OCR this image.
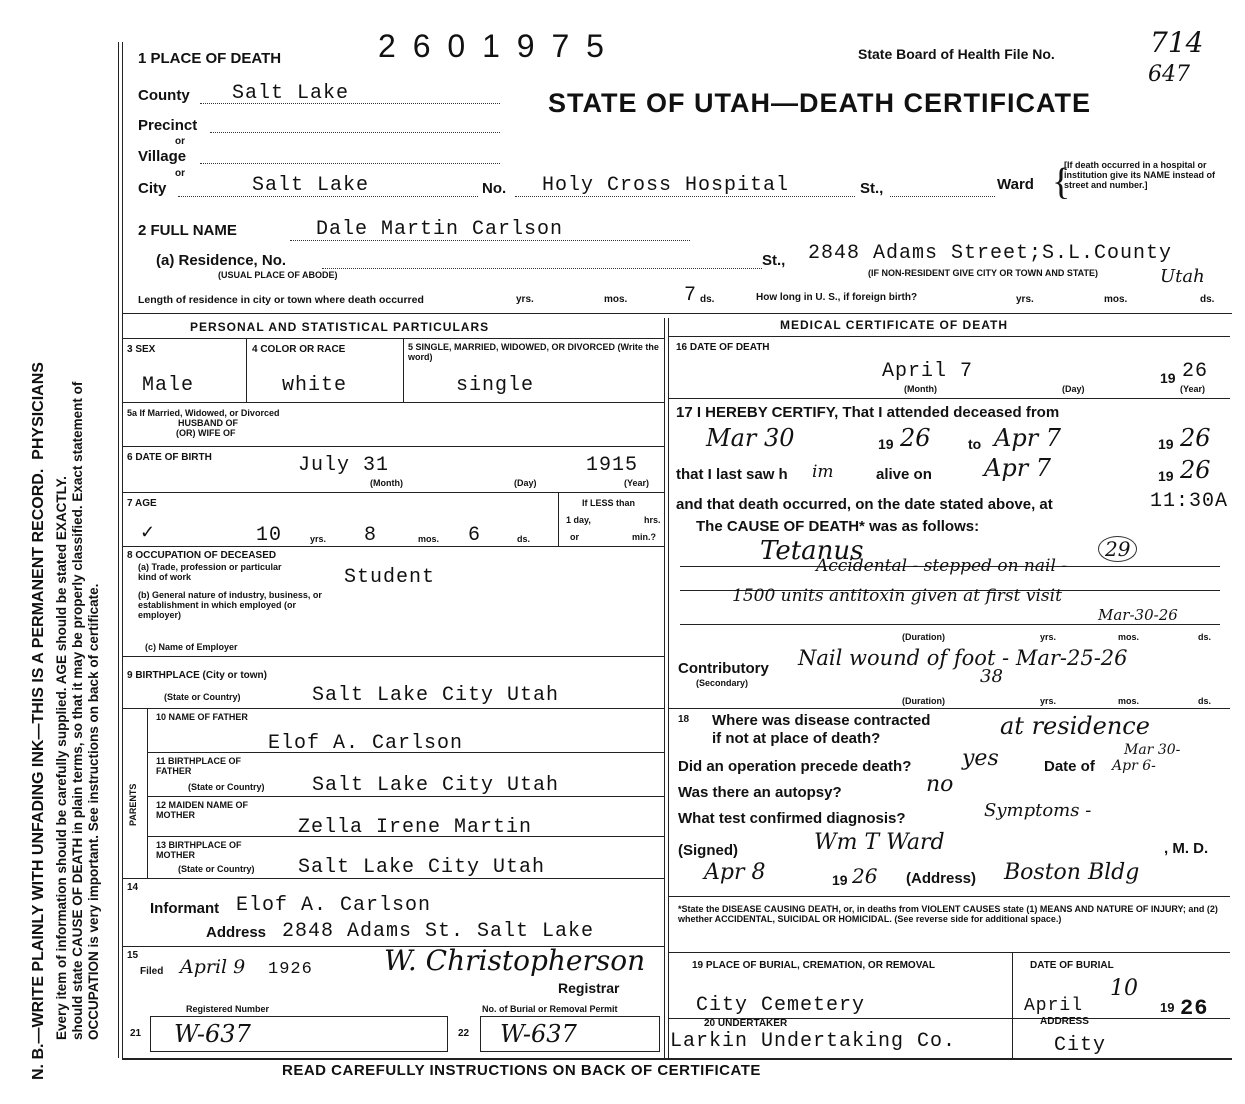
N. B.—WRITE PLAINLY WITH UNFADING INK—THIS IS A PERMANENT RECORD.  PHYSICIANS
Every item of information should be carefully supplied. AGE should be stated EXACTLY. should state CAUSE OF DEATH in plain terms, so that it may be properly classified. Exact statement of OCCUPATION is very important. See instructions on back of certificate.
1 PLACE OF DEATH	2 6 0 1 9 7 5	State Board of Health File No.	714
647
STATE OF UTAH—DEATH CERTIFICATE
County Salt Lake
Precinct
or
Village
or
City	Salt Lake	No. Holy Cross Hospital	St.,	Ward {
[If death occurred in a hospital or institution give its NAME instead of street and number.]
2 FULL NAME	Dale Martin Carlson
(a) Residence, No.
(USUAL PLACE OF ABODE)
St., 2848 Adams Street;S.L.County
(IF NON-RESIDENT GIVE CITY OR TOWN AND STATE)	Utah
Length of residence in city or town where death occurred	yrs.	mos.	7 ds.	How long in U. S., if foreign birth?	yrs.	mos.	ds.
PERSONAL AND STATISTICAL PARTICULARS
3 SEX
Male
4 COLOR OR RACE
white
5 SINGLE, MARRIED, WIDOWED, OR DIVORCED (Write the word)
single
5a If Married, Widowed, or Divorced
HUSBAND OF
(OR) WIFE OF
6 DATE OF BIRTH	July 31	1915
(Month)	(Day)	(Year)
7 AGE
✓	10	yrs. 8	mos. 6	ds.
If LESS than
1 day,	hrs.
or	min.?
8 OCCUPATION OF DECEASED
(a) Trade, profession or particular kind of work	Student
(b) General nature of industry, business, or establishment in which employed (or employer)
(c) Name of Employer
9 BIRTHPLACE (City or town)
(State or Country)	Salt Lake City Utah
PARENTS
10 NAME OF FATHER
Elof A. Carlson
11 BIRTHPLACE OF FATHER
(State or Country) Salt Lake City Utah
12 MAIDEN NAME OF MOTHER
Zella Irene Martin
13 BIRTHPLACE OF MOTHER
(State or Country) Salt Lake City Utah
14
Informant Elof A. Carlson
Address 2848 Adams St. Salt Lake
15
Filed April 9 1926	W. Christopherson
Registrar
Registered Number	No. of Burial or Removal Permit
21 W-637	22 W-637
MEDICAL CERTIFICATE OF DEATH
16 DATE OF DEATH
April 7	19 26
(Month)	(Day)	(Year)
17 I HEREBY CERTIFY, That I attended deceased from
Mar 30	19 26	to Apr 7	19 26
that I last saw h im	alive on Apr 7	19 26
and that death occurred, on the date stated above, at	11:30A
The CAUSE OF DEATH* was as follows:
Tetanus	29
Accidental - stepped on nail -
1500 units antitoxin given at first visit
Mar-30-26
(Duration)	yrs.	mos.	ds.
Contributory
(Secondary)
Nail wound of foot - Mar-25-26
38
(Duration)	yrs.	mos.	ds.
18 Where was disease contracted
if not at place of death?	at residence
Did an operation precede death? yes	Date of
Mar 30-
Apr 6-
Was there an autopsy?	no
What test confirmed diagnosis?	Symptoms -
(Signed)	Wm T Ward	, M. D.
Apr 8	19 26 (Address) Boston Bldg
*State the DISEASE CAUSING DEATH, or, in deaths from VIOLENT CAUSES state (1) MEANS AND NATURE OF INJURY; and (2) whether ACCIDENTAL, SUICIDAL OR HOMICIDAL. (See reverse side for additional space.)
19 PLACE OF BURIAL, CREMATION, OR REMOVAL	DATE OF BURIAL
City Cemetery	April
10
19 26
20 UNDERTAKER	ADDRESS
Larkin Undertaking Co.	City
READ CAREFULLY INSTRUCTIONS ON BACK OF CERTIFICATE
